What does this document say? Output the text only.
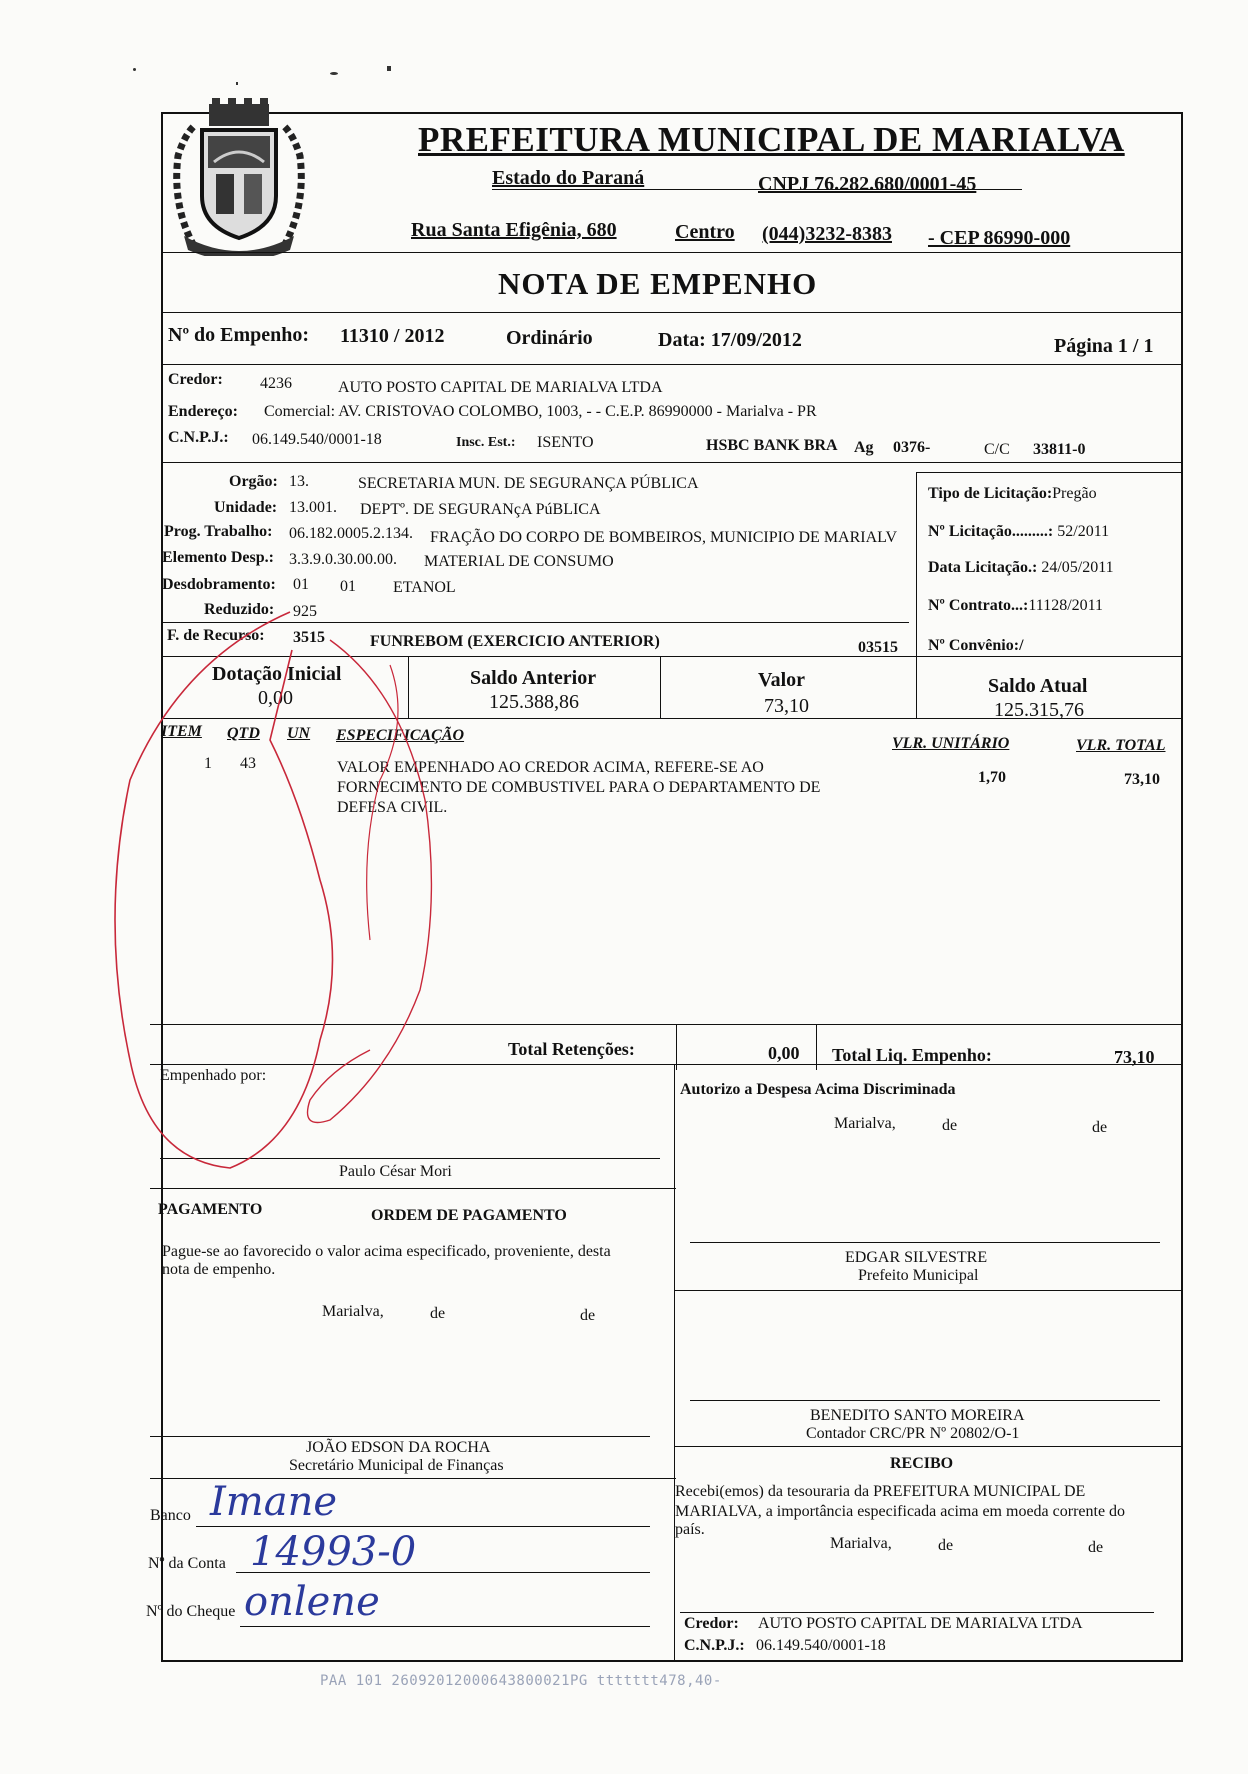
PREFEITURA MUNICIPAL DE MARIALVA
Estado do Paraná	CNPJ 76.282.680/0001-45
Rua Santa Efigênia, 680	Centro (044)3232-8383 - CEP 86990-000
NOTA DE EMPENHO
Nº do Empenho: 11310 / 2012	Ordinário	Data: 17/09/2012	Página 1 / 1
Credor: 4236	AUTO POSTO CAPITAL DE MARIALVA LTDA
Endereço: Comercial: AV. CRISTOVAO COLOMBO, 1003, - - C.E.P. 86990000 - Marialva - PR
C.N.P.J.: 06.149.540/0001-18	Insc. Est.: ISENTO	HSBC BANK BRA Ag 0376-	C/C 33811-0
Orgão: 13.	SECRETARIA MUN. DE SEGURANÇA PÚBLICA
Unidade: 13.001. DEPTº. DE SEGURANçA PúBLICA
Prog. Trabalho: 06.182.0005.2.134. FRAÇÃO DO CORPO DE BOMBEIROS, MUNICIPIO DE MARIALV
Elemento Desp.: 3.3.9.0.30.00.00. MATERIAL DE CONSUMO
Desdobramento: 01 01 ETANOL
Reduzido: 925
F. de Recurso: 3515	FUNREBOM (EXERCICIO ANTERIOR)	03515
Tipo de Licitação:Pregão
Nº Licitação.........: 52/2011
Data Licitação.: 24/05/2011
Nº Contrato...:11128/2011
Nº Convênio:/
Dotação Inicial
0,00
Saldo Anterior
125.388,86
Valor
73,10
Saldo Atual
125.315,76
ITEM QTD UN ESPECIFICAÇÃO	VLR. UNITÁRIO	VLR. TOTAL
1 43	VALOR EMPENHADO AO CREDOR ACIMA, REFERE-SE AO
FORNECIMENTO DE COMBUSTIVEL PARA O DEPARTAMENTO DE
DEFESA CIVIL.
1,70	73,10
Total Retenções:	0,00 Total Liq. Empenho:	73,10
Empenhado por:
Paulo César Mori
Autorizo a Despesa Acima Discriminada
Marialva,	de	de
PAGAMENTO	ORDEM DE PAGAMENTO
Pague-se ao favorecido o valor acima especificado, proveniente, desta
nota de empenho.
Marialva,	de	de
EDGAR SILVESTRE
Prefeito Municipal
BENEDITO SANTO MOREIRA
Contador CRC/PR Nº 20802/O-1
JOÃO EDSON DA ROCHA
Secretário Municipal de Finanças	RECIBO
Recebi(emos) da tesouraria da PREFEITURA MUNICIPAL DE
MARIALVA, a importância especificada acima em moeda corrente do
país.
Marialva,	de	de
Credor: AUTO POSTO CAPITAL DE MARIALVA LTDA
C.N.P.J.: 06.149.540/0001-18
Banco Imane
Nº da Conta 14993-0
Nº do Cheque onlene
PAA 101 26092012000643800021PG ttttttt478,40-
